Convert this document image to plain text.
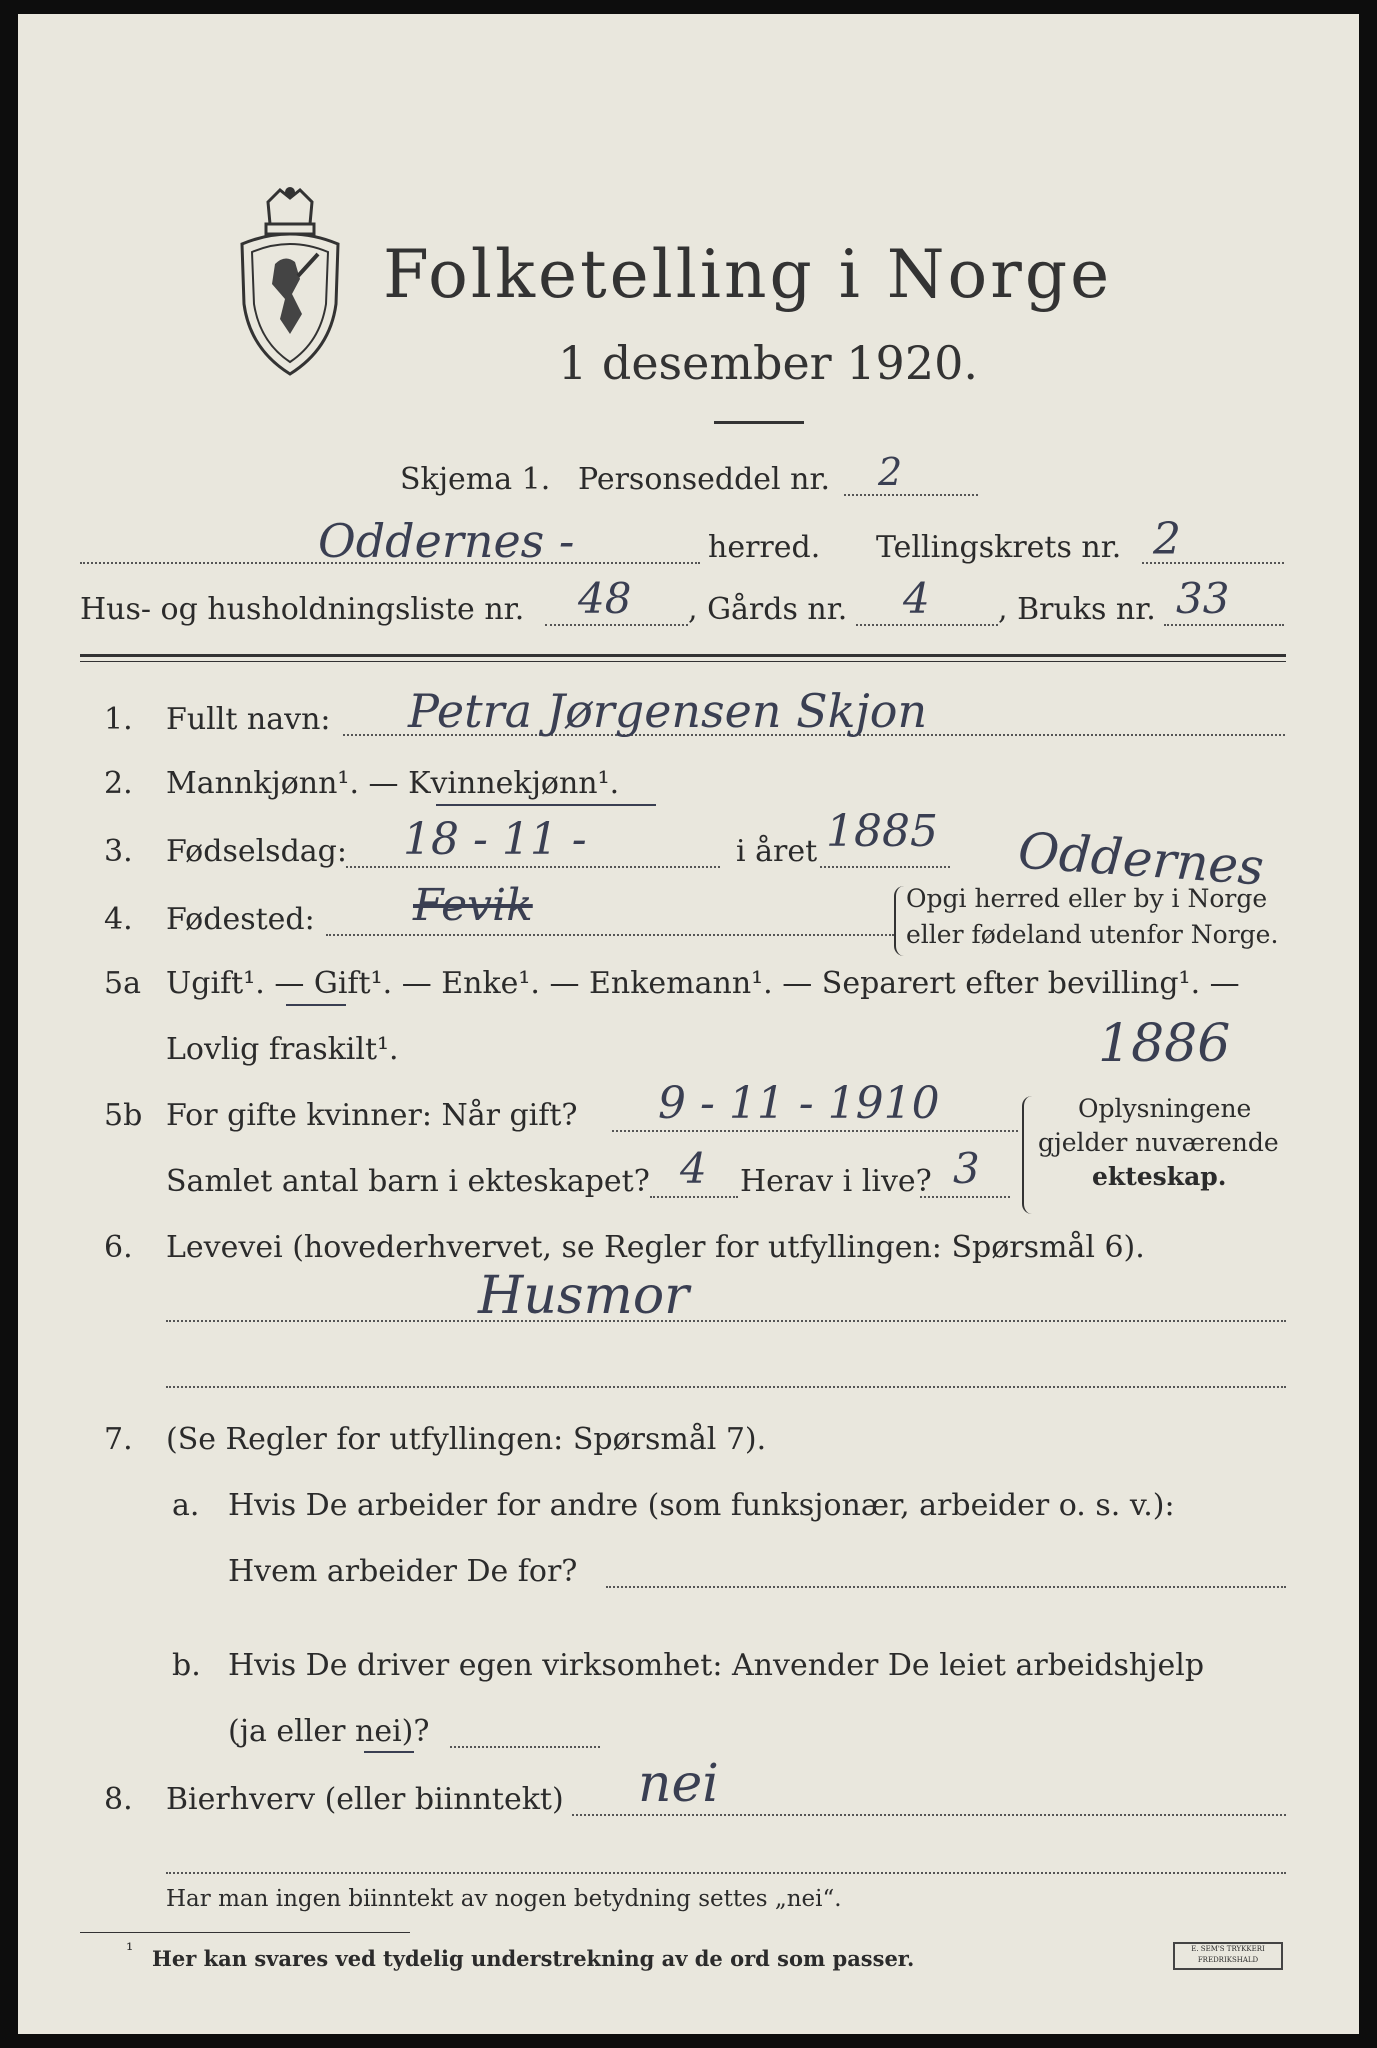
Folketelling i Norge
1 desember 1920.
Skjema 1. Personseddel nr. 2
Oddernes -	herred. Tellingskrets nr. 2
Hus- og husholdningsliste nr. 48 , Gårds nr. 4 , Bruks nr. 33
1. Fullt navn: Petra Jørgensen Skjon
2. Mannkjønn¹. — Kvinnekjønn¹.
3. Fødselsdag: 18 - 11 -	i året 1885
4. Fødested: Fevik
Oddernes
Opgi herred eller by i Norge
eller fødeland utenfor Norge.
5a Ugift¹. — Gift¹. — Enke¹. — Enkemann¹. — Separert efter bevilling¹. —
Lovlig fraskilt¹.	1886
5b For gifte kvinner: Når gift? 9 - 11 - 1910
Samlet antal barn i ekteskapet? 4 Herav i live? 3
Oplysningene
gjelder nuværende
ekteskap.
6. Levevei (hovederhvervet, se Regler for utfyllingen: Spørsmål 6).
Husmor
7. (Se Regler for utfyllingen: Spørsmål 7).
a. Hvis De arbeider for andre (som funksjonær, arbeider o. s. v.):
Hvem arbeider De for?
b. Hvis De driver egen virksomhet: Anvender De leiet arbeidshjelp
(ja eller nei)?
8. Bierhverv (eller biinntekt) nei
Har man ingen biinntekt av nogen betydning settes „nei“.
¹ Her kan svares ved tydelig understrekning av de ord som passer.	E. SEM'S TRYKKERI FREDRIKSHALD
